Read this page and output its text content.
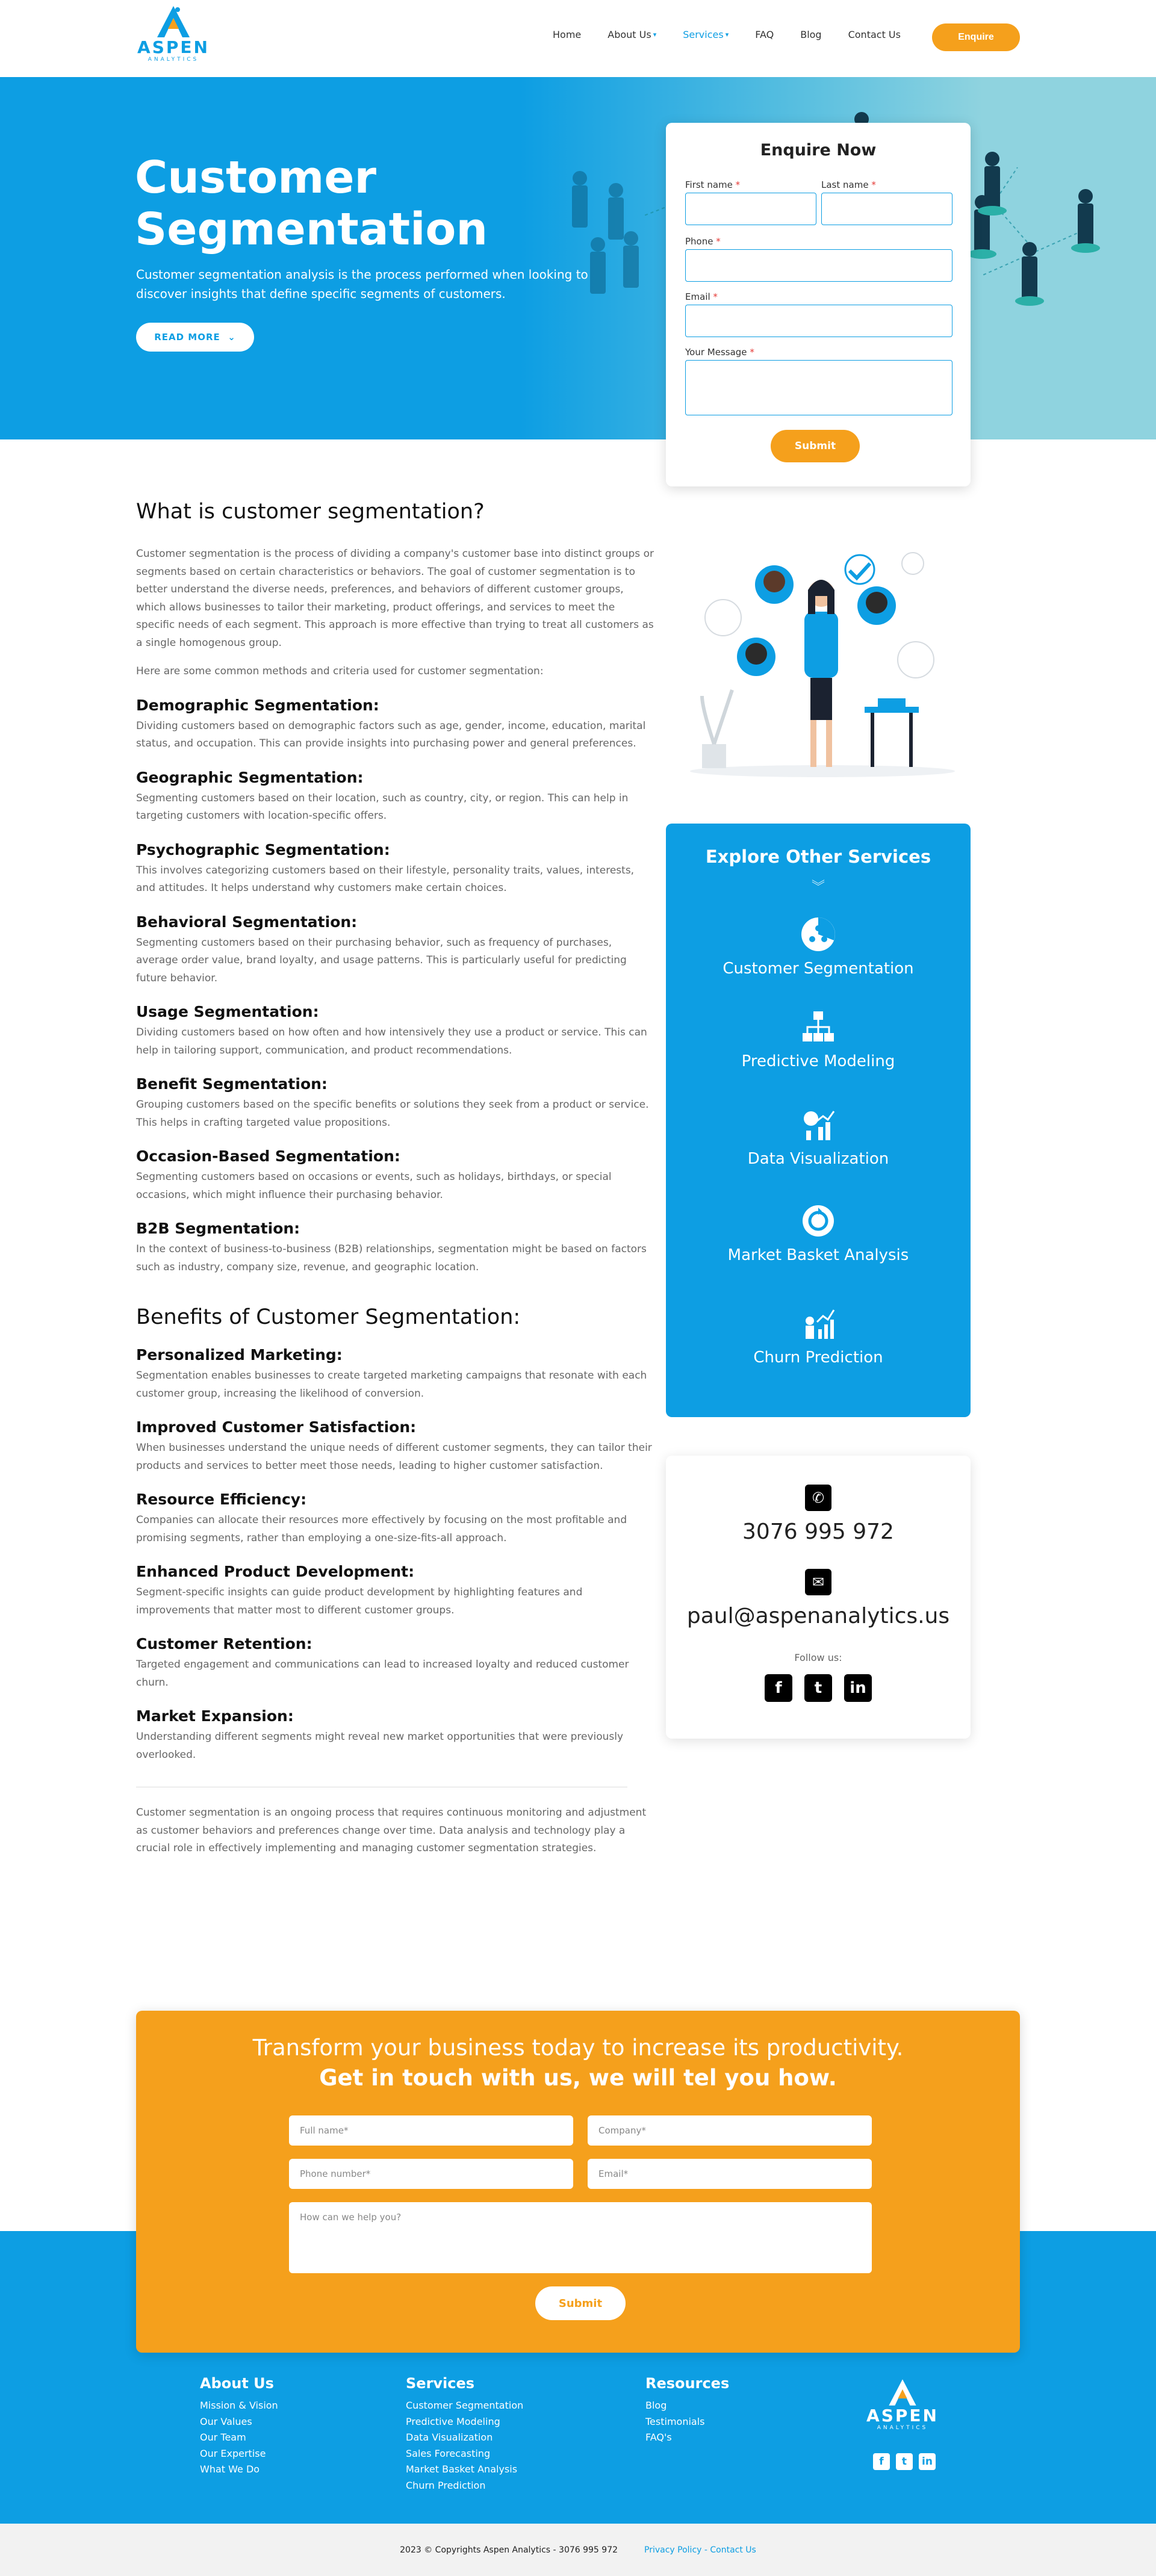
ASPEN
ANALYTICS
Home	About Us ▾	Services ▾	FAQ	Blog	Contact Us	Enquire
Customer
Segmentation

Customer segmentation analysis is the process performed when looking to discover insights that define specific segments of customers.

READ MORE
⌄
Enquire Now
First name *	Last name *
Phone *
Email *
Your Message *
Submit
What is customer segmentation?

Customer segmentation is the process of dividing a company's customer base into distinct groups or segments based on certain characteristics or behaviors. The goal of customer segmentation is to better understand the diverse needs, preferences, and behaviors of different customer groups, which allows businesses to tailor their marketing, product offerings, and services to meet the specific needs of each segment. This approach is more effective than trying to treat all customers as a single homogenous group.

Here are some common methods and criteria used for customer segmentation:

Demographic Segmentation:

Dividing customers based on demographic factors such as age, gender, income, education, marital status, and occupation. This can provide insights into purchasing power and general preferences.

Geographic Segmentation:

Segmenting customers based on their location, such as country, city, or region. This can help in targeting customers with location-specific offers.

Psychographic Segmentation:

This involves categorizing customers based on their lifestyle, personality traits, values, interests, and attitudes. It helps understand why customers make certain choices.

Behavioral Segmentation:

Segmenting customers based on their purchasing behavior, such as frequency of purchases, average order value, brand loyalty, and usage patterns. This is particularly useful for predicting future behavior.

Usage Segmentation:

Dividing customers based on how often and how intensively they use a product or service. This can help in tailoring support, communication, and product recommendations.

Benefit Segmentation:

Grouping customers based on the specific benefits or solutions they seek from a product or service. This helps in crafting targeted value propositions.

Occasion-Based Segmentation:

Segmenting customers based on occasions or events, such as holidays, birthdays, or special occasions, which might influence their purchasing behavior.

B2B Segmentation:

In the context of business-to-business (B2B) relationships, segmentation might be based on factors such as industry, company size, revenue, and geographic location.

Benefits of Customer Segmentation:
Personalized Marketing:

Segmentation enables businesses to create targeted marketing campaigns that resonate with each customer group, increasing the likelihood of conversion.

Improved Customer Satisfaction:

When businesses understand the unique needs of different customer segments, they can tailor their products and services to better meet those needs, leading to higher customer satisfaction.

Resource Efficiency:

Companies can allocate their resources more effectively by focusing on the most profitable and promising segments, rather than employing a one-size-fits-all approach.

Enhanced Product Development:

Segment-specific insights can guide product development by highlighting features and improvements that matter most to different customer groups.

Customer Retention:

Targeted engagement and communications can lead to increased loyalty and reduced customer churn.

Market Expansion:

Understanding different segments might reveal new market opportunities that were previously overlooked.

Customer segmentation is an ongoing process that requires continuous monitoring and adjustment as customer behaviors and preferences change over time. Data analysis and technology play a crucial role in effectively implementing and managing customer segmentation strategies.

Explore Other Services
︾
Customer Segmentation
Predictive Modeling
Data Visualization
Market Basket Analysis
Churn Prediction
✆
3076 995 972
✉
paul@aspenanalytics.us
Follow us:
f	t	in
Transform your business today to increase its productivity.
Get in touch with us, we will tel you how.
Full name*	Company*
Phone number*	Email*
How can we help you?
Submit
About Us
Mission & Vision
Our Values
Our Team
Our Expertise
What We Do
Services
Customer Segmentation
Predictive Modeling
Data Visualization
Sales Forecasting
Market Basket Analysis
Churn Prediction
Resources
Blog
Testimonials
FAQ's
ASPEN
ANALYTICS
f	t	in
2023 © Copyrights Aspen Analytics - 3076 995 972	Privacy Policy - Contact Us
